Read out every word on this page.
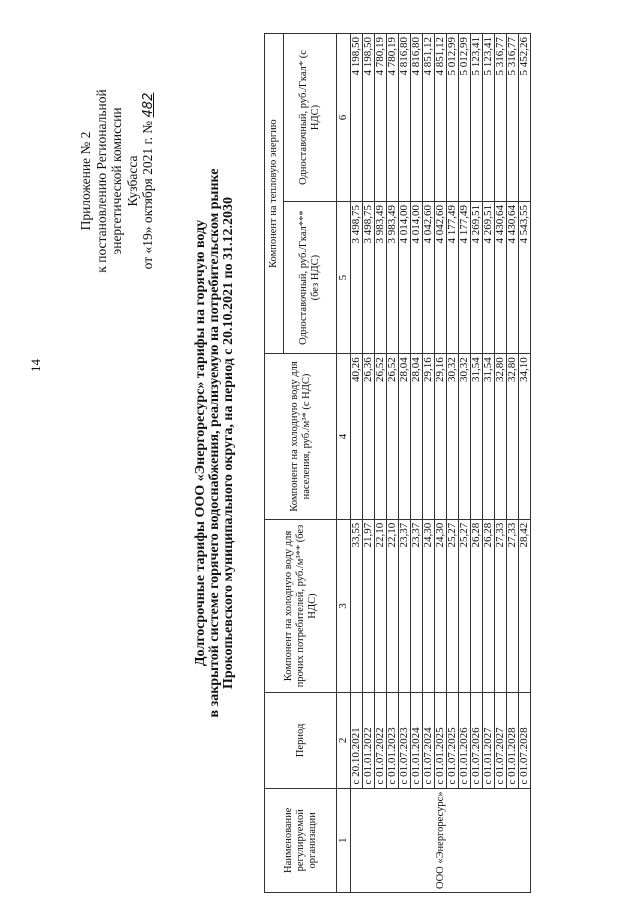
14
Приложение № 2 к постановлению Региональной энергетической комиссии Кузбасса от «19» октября 2021 г. № 482
Долгосрочные тарифы ООО «Энергоресурс» тарифы на горячую воду в закрытой системе горячего водоснабжения, реализуемую на потребительском рынке Прокопьевского муниципального округа, на период с 20.10.2021 по 31.12.2030
Наименование регулируемой организации	Период	Компонент на холодную воду для прочих потребителей, руб./м³** (без НДС)	Компонент на холодную воду для населения, руб./м³* (с НДС)	Компонент на тепловую энергию	
				Одноставочный, руб./Гкал*** (без НДС)	Одноставочный, руб./Гкал* (с НДС)
1	2	3	4	5	6
ООО «Энергоресурс»	с 20.10.2021	33,55	40,26	3 498,75	4 198,50
	с 01.01.2022	21,97	26,36	3 498,75	4 198,50
	с 01.07.2022	22,10	26,52	3 983,49	4 780,19
	с 01.01.2023	22,10	26,52	3 983,49	4 780,19
	с 01.07.2023	23,37	28,04	4 014,00	4 816,80
	с 01.01.2024	23,37	28,04	4 014,00	4 816,80
	с 01.07.2024	24,30	29,16	4 042,60	4 851,12
	с 01.01.2025	24,30	29,16	4 042,60	4 851,12
	с 01.07.2025	25,27	30,32	4 177,49	5 012,99
	с 01.01.2026	25,27	30,32	4 177,49	5 012,99
	с 01.07.2026	26,28	31,54	4 269,51	5 123,41
	с 01.01.2027	26,28	31,54	4 269,51	5 123,41
	с 01.07.2027	27,33	32,80	4 430,64	5 316,77
	с 01.01.2028	27,33	32,80	4 430,64	5 316,77
	с 01.07.2028	28,42	34,10	4 543,55	5 452,26
